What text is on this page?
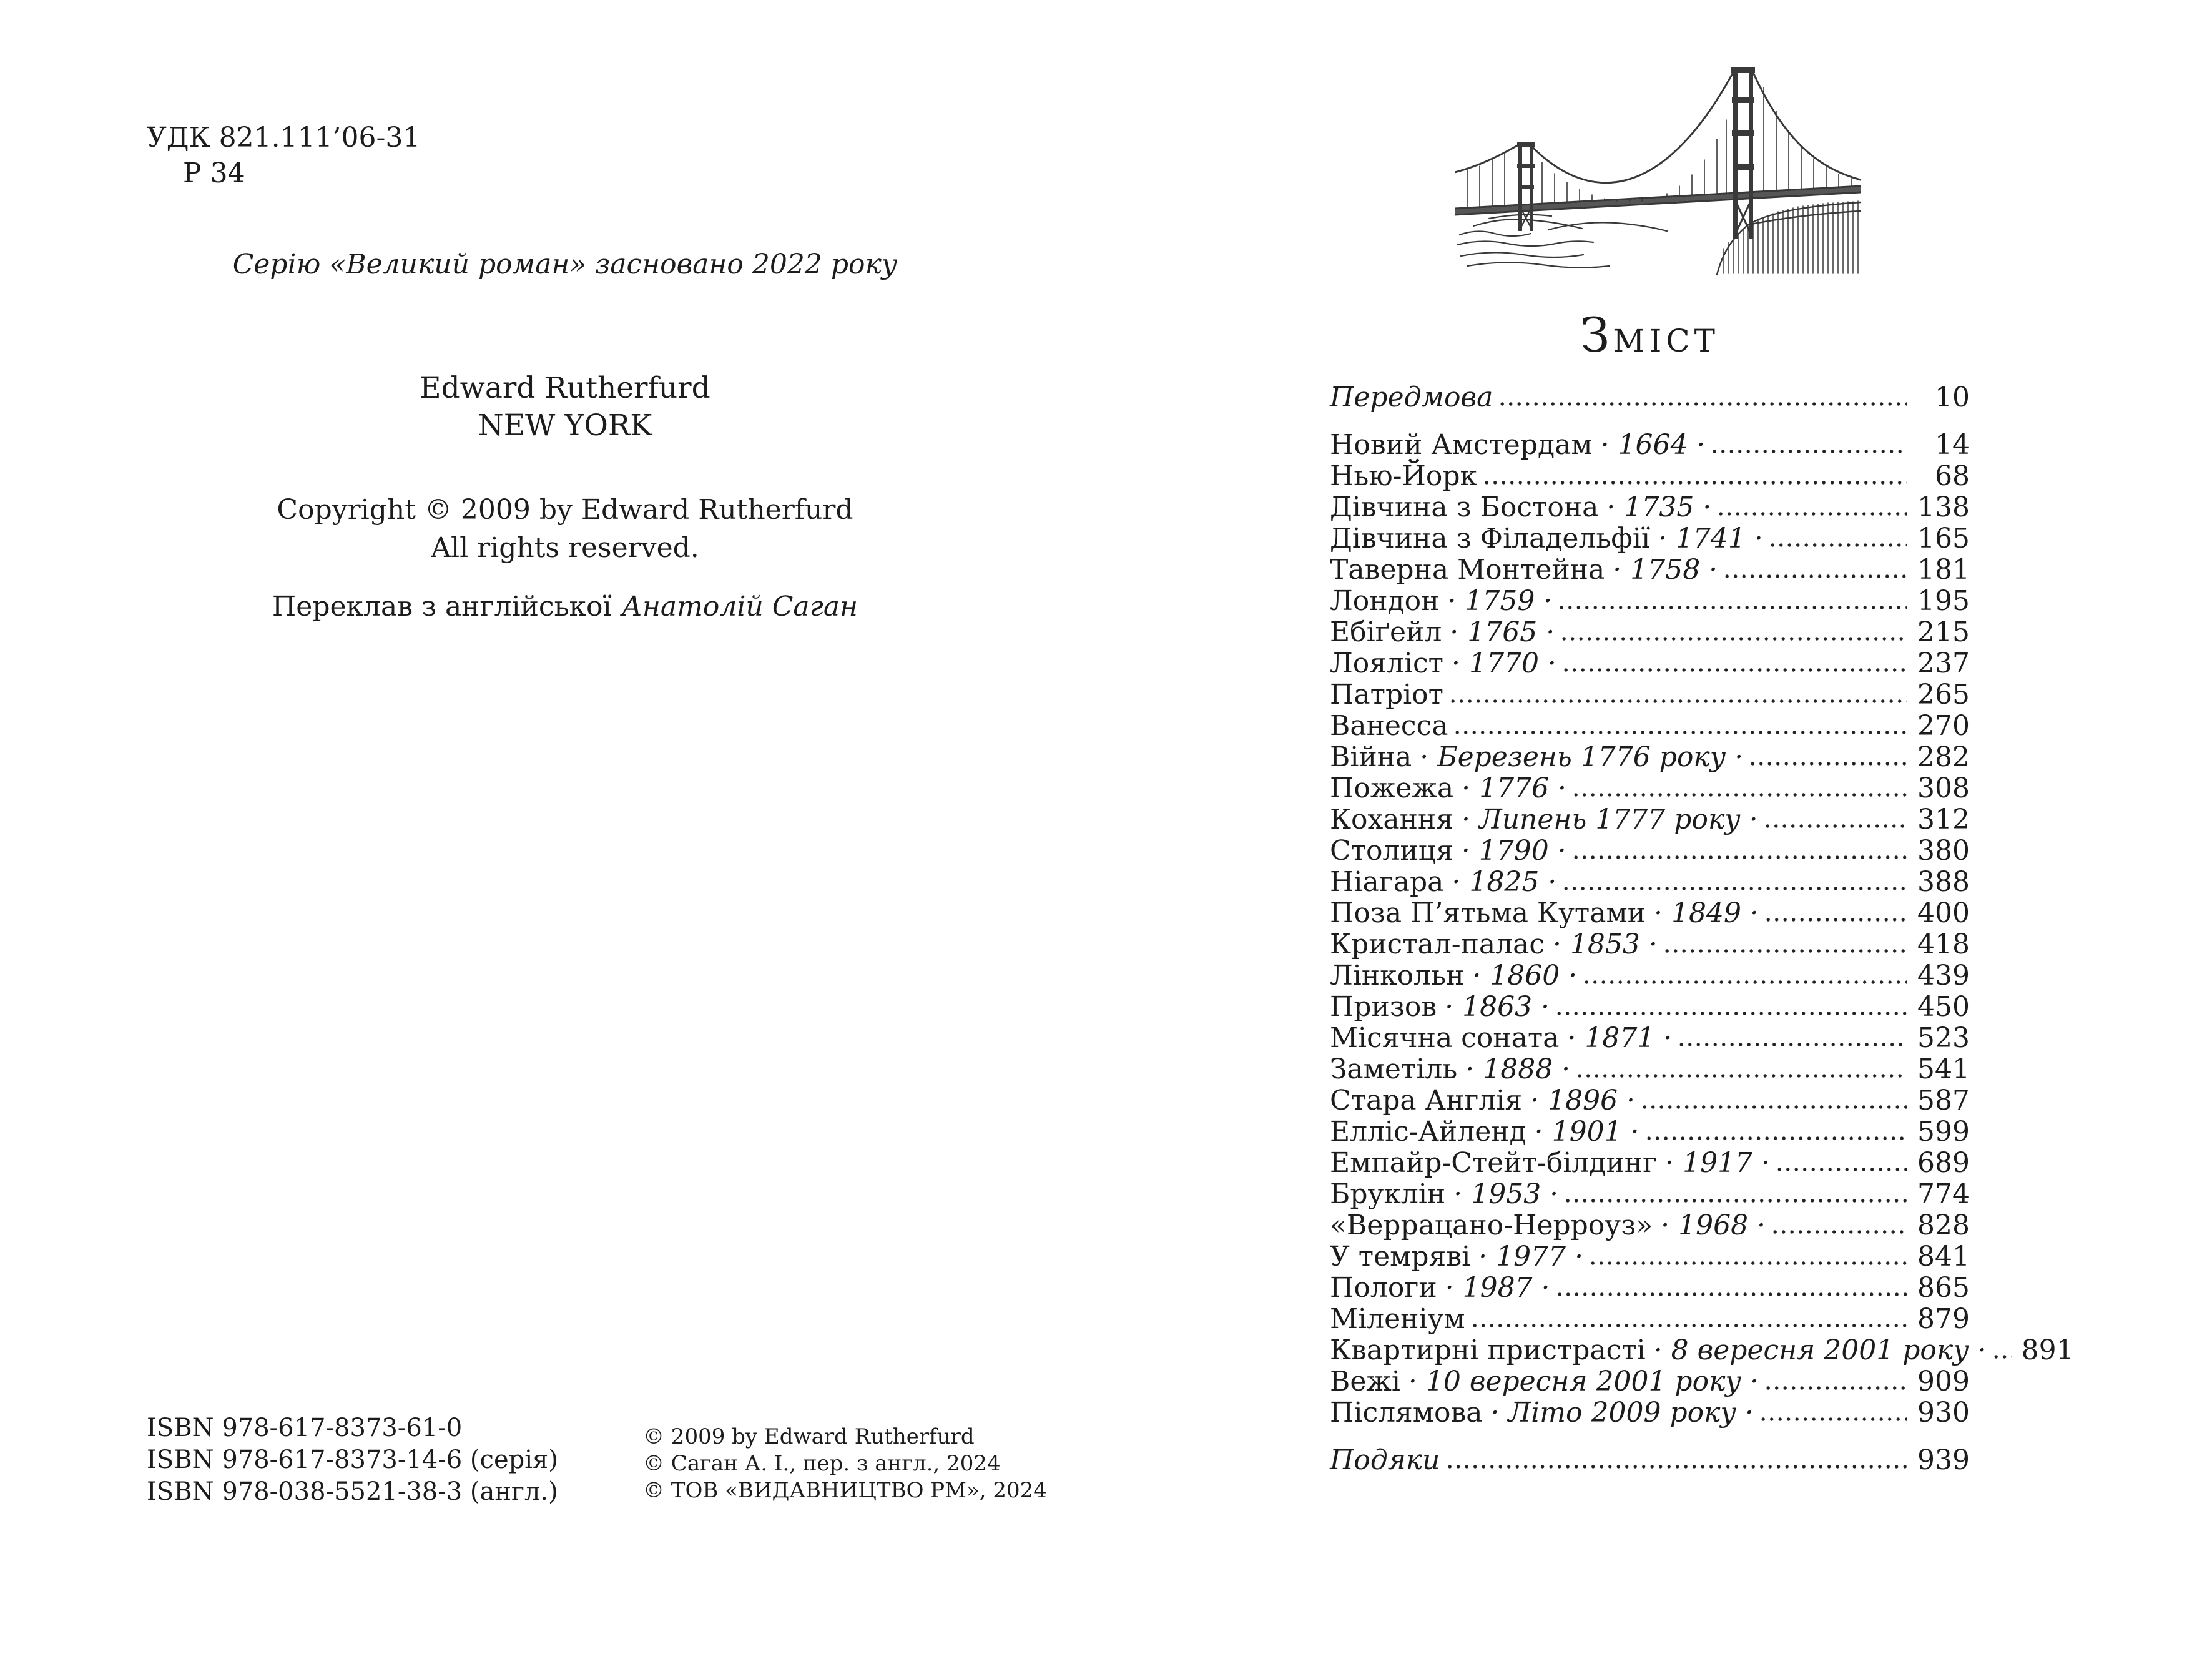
УДК 821.111’06-31
Р 34
Серію «Великий роман» засновано 2022 року
Edward Rutherfurd
NEW YORK
Copyright © 2009 by Edward Rutherfurd
All rights reserved.
Переклав з англійської Анатолій Саган
ISBN 978-617-8373-61-0
ISBN 978-617-8373-14-6 (серія)
ISBN 978-038-5521-38-3 (англ.)
© 2009 by Edward Rutherfurd
© Саган А. І., пер. з англ., 2024
© ТОВ «ВИДАВНИЦТВО РМ», 2024
ЗМІСТ
Передмова	10
Новий Амстердам · 1664 ·	14
Нью-Йорк	68
Дівчина з Бостона · 1735 ·	138
Дівчина з Філадельфії · 1741 ·	165
Таверна Монтейна · 1758 ·	181
Лондон · 1759 ·	195
Ебіґейл · 1765 ·	215
Лояліст · 1770 ·	237
Патріот	265
Ванесса	270
Війна · Березень 1776 року ·	282
Пожежа · 1776 ·	308
Кохання · Липень 1777 року ·	312
Столиця · 1790 ·	380
Ніагара · 1825 ·	388
Поза П’ятьма Кутами · 1849 ·	400
Кристал-палас · 1853 ·	418
Лінкольн · 1860 ·	439
Призов · 1863 ·	450
Місячна соната · 1871 ·	523
Заметіль · 1888 ·	541
Стара Англія · 1896 ·	587
Елліс-Айленд · 1901 ·	599
Емпайр-Стейт-білдинг · 1917 ·	689
Бруклін · 1953 ·	774
«Веррацано-Нерроуз» · 1968 ·	828
У темряві · 1977 ·	841
Пологи · 1987 ·	865
Міленіум	879
Квартирні пристрасті · 8 вересня 2001 року · 891
Вежі · 10 вересня 2001 року ·	909
Післямова · Літо 2009 року ·	930
Подяки	939
